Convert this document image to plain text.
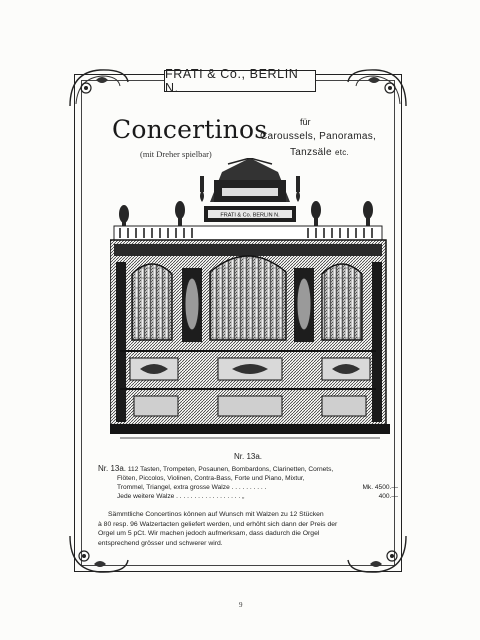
FRATI & Co., BERLIN N.
Concertinos
(mit Dreher spielbar)
für
Caroussels, Panoramas,
Tanzsäle etc.
FRATI & Co. BERLIN N.
Nr. 13a.
Nr. 13a. 112 Tasten, Trompeten, Posaunen, Bombardons, Clarinetten, Cornets,
Flöten, Piccolos, Violinen, Contra-Bass, Forte und Piano, Mixtur,
Trommel, Triangel, extra grosse Walze . . . . . . . . . .	Mk. 4500.—
Jede weitere Walze . . . . . . . . . . . . . . . . . . „	400.—
Sämmtliche Concertinos können auf Wunsch mit Walzen zu 12 Stücken
à 80 resp. 96 Walzertacten geliefert werden, und erhöht sich dann der Preis der
Orgel um 5 pCt. Wir machen jedoch aufmerksam, dass dadurch die Orgel
entsprechend grösser und schwerer wird.
9
